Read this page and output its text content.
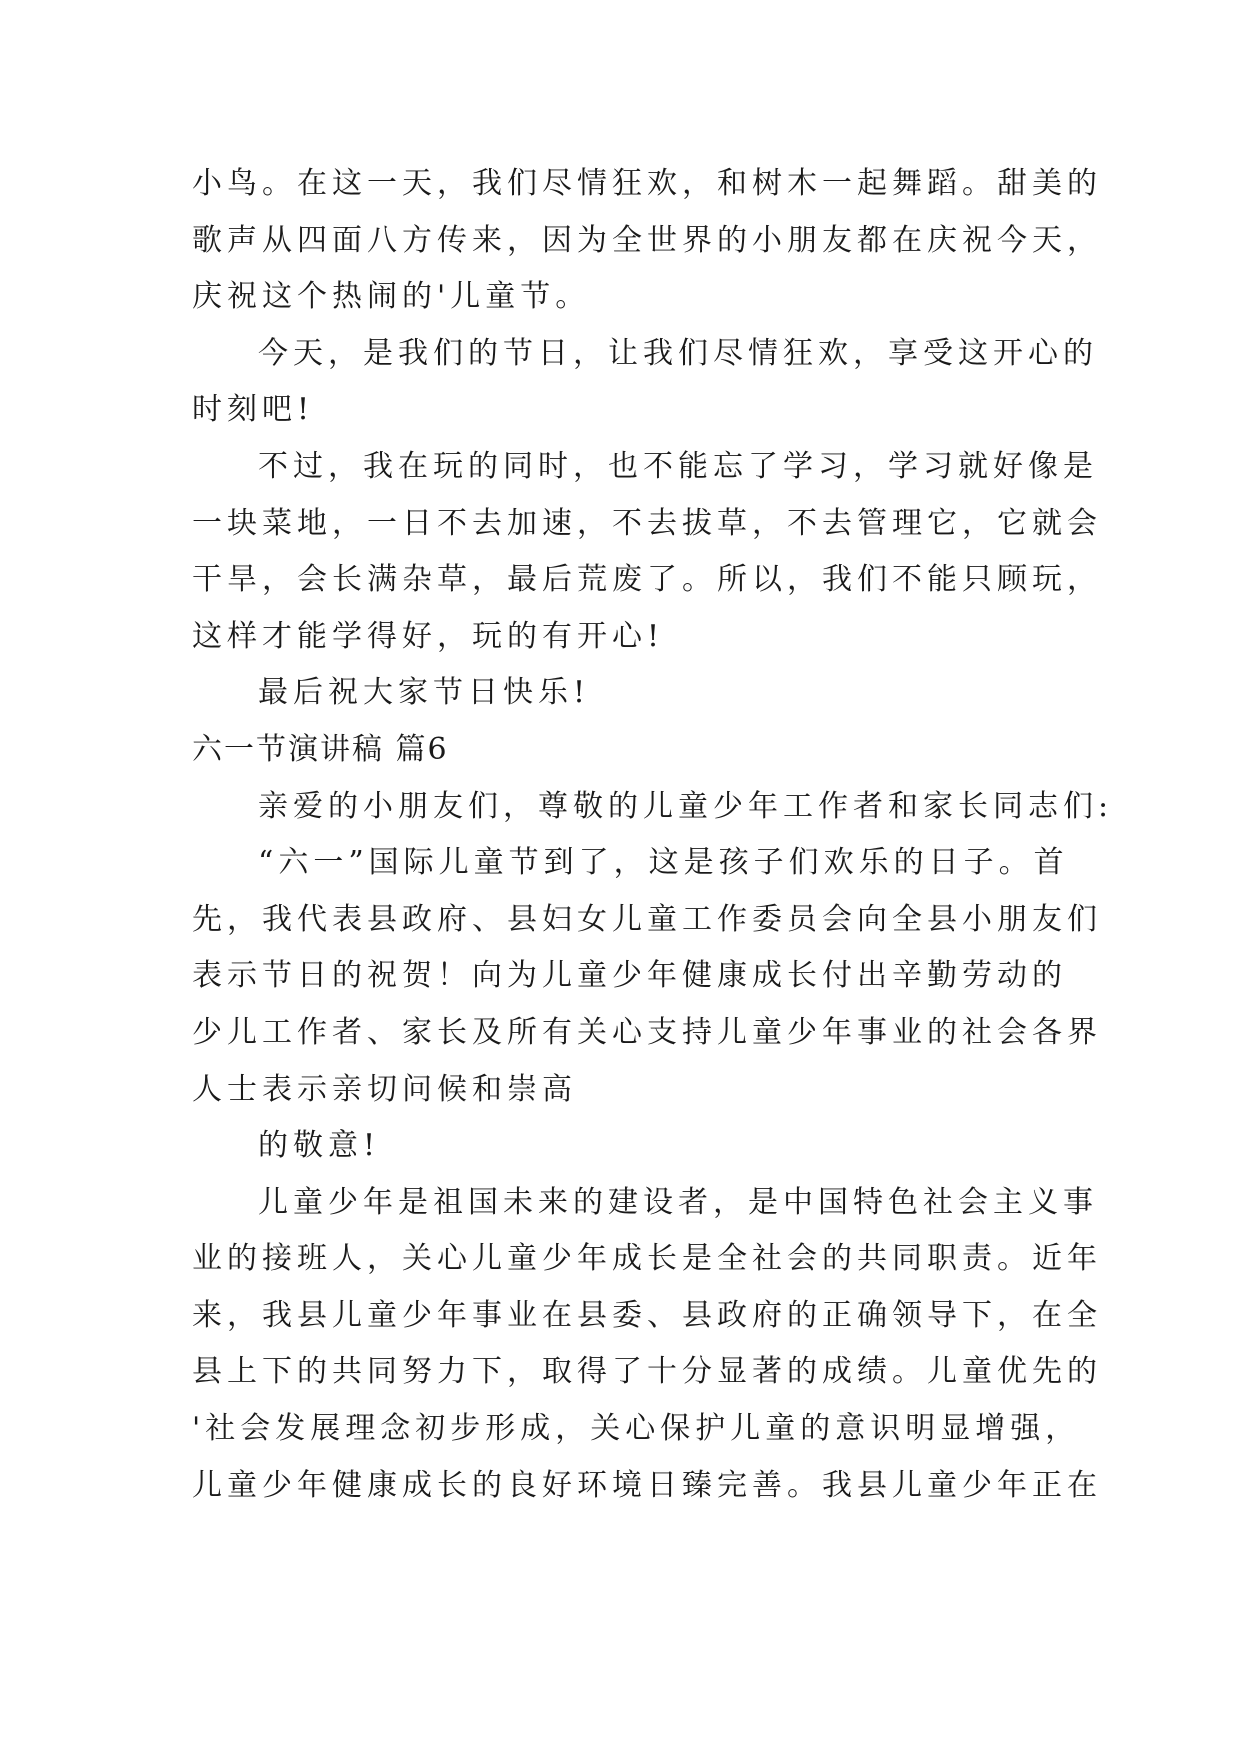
小鸟。在这一天，我们尽情狂欢，和树木一起舞蹈。甜美的
歌声从四面八方传来，因为全世界的小朋友都在庆祝今天，
庆祝这个热闹的'儿童节。
今天，是我们的节日，让我们尽情狂欢，享受这开心的
时刻吧!
不过，我在玩的同时，也不能忘了学习，学习就好像是
一块菜地，一日不去加速，不去拔草，不去管理它，它就会
干旱，会长满杂草，最后荒废了。所以，我们不能只顾玩，
这样才能学得好，玩的有开心!
最后祝大家节日快乐!
六一节演讲稿 篇6
亲爱的小朋友们，尊敬的儿童少年工作者和家长同志们:
“六一”国际儿童节到了，这是孩子们欢乐的日子。首
先，我代表县政府、县妇女儿童工作委员会向全县小朋友们
表示节日的祝贺！向为儿童少年健康成长付出辛勤劳动的
少儿工作者、家长及所有关心支持儿童少年事业的社会各界
人士表示亲切问候和崇高
的敬意!
儿童少年是祖国未来的建设者，是中国特色社会主义事
业的接班人，关心儿童少年成长是全社会的共同职责。近年
来，我县儿童少年事业在县委、县政府的正确领导下，在全
县上下的共同努力下，取得了十分显著的成绩。儿童优先的
'社会发展理念初步形成，关心保护儿童的意识明显增强，
儿童少年健康成长的良好环境日臻完善。我县儿童少年正在
